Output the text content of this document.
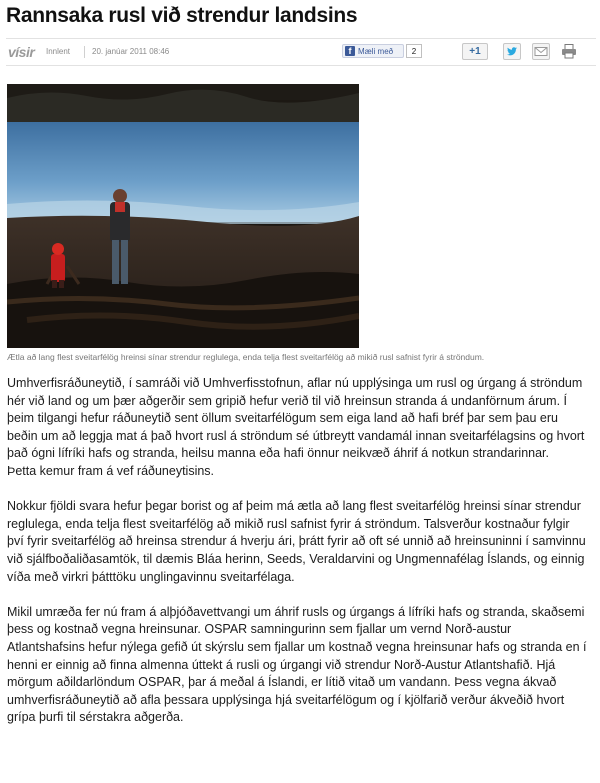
Rannsaka rusl við strendur landsins
vísir Innlent	20. janúar 2011 08:46	f Mæli með	2	+1
Ætla að lang flest sveitarfélög hreinsi sínar strendur reglulega, enda telja flest sveitarfélög að mikið rusl safnist fyrir á ströndum.

Umhverfisráðuneytið, í samráði við Umhverfisstofnun, aflar nú upplýsinga um rusl og úrgang á ströndum hér við land og um þær aðgerðir sem gripið hefur verið til við hreinsun stranda á undanförnum árum. Í þeim tilgangi hefur ráðuneytið sent öllum sveitarfélögum sem eiga land að hafi bréf þar sem þau eru beðin um að leggja mat á það hvort rusl á ströndum sé útbreytt vandamál innan sveitarfélagsins og hvort það ógni lífríki hafs og stranda, heilsu manna eða hafi önnur neikvæð áhrif á notkun strandarinnar.
Þetta kemur fram á vef ráðuneytisins.

Nokkur fjöldi svara hefur þegar borist og af þeim má ætla að lang flest sveitarfélög hreinsi sínar strendur reglulega, enda telja flest sveitarfélög að mikið rusl safnist fyrir á ströndum. Talsverður kostnaður fylgir því fyrir sveitarfélög að hreinsa strendur á hverju ári, þrátt fyrir að oft sé unnið að hreinsuninni í samvinnu við sjálfboðaliðasamtök, til dæmis Bláa herinn, Seeds, Veraldarvini og Ungmennafélag Íslands, og einnig víða með virkri þátttöku unglingavinnu sveitarfélaga.

Mikil umræða fer nú fram á alþjóðavettvangi um áhrif rusls og úrgangs á lífríki hafs og stranda, skaðsemi þess og kostnað vegna hreinsunar. OSPAR samningurinn sem fjallar um vernd Norð-austur Atlantshafsins hefur nýlega gefið út skýrslu sem fjallar um kostnað vegna hreinsunar hafs og stranda en í henni er einnig að finna almenna úttekt á rusli og úrgangi við strendur Norð-Austur Atlantshafið. Hjá mörgum aðildarlöndum OSPAR, þar á meðal á Íslandi, er lítið vitað um vandann. Þess vegna ákvað umhverfisráðuneytið að afla þessara upplýsinga hjá sveitarfélögum og í kjölfarið verður ákveðið hvort grípa þurfi til sérstakra aðgerða.
